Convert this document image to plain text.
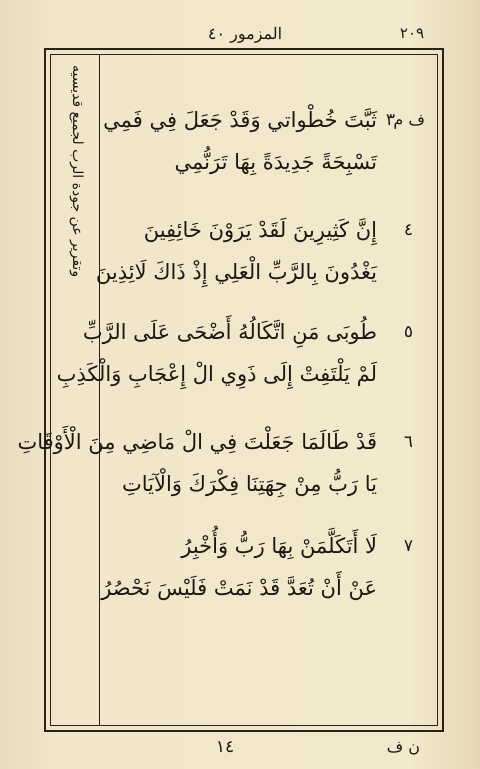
٢٠٩
المزمور ٤٠
وتقرير عن جودة الرب لجميع قديسيه	ف م
٣
ثَبَّتَ خُطْواتي وَقَدْ جَعَلَ فِي فَمِي
تَسْبِحَةً جَدِيدَةً بِهَا تَرَنُّمِي
٤
إِنَّ كَثِيرِينَ لَقَدْ يَرَوْنَ خَائِفِينَ
يَغْدُونَ بِالرَّبِّ الْعَلِي إِذْ ذَاكَ لَائِذِينَ
٥
طُوبَى مَنِ اتَّكَالُهُ أَضْحَى عَلَى الرَّبِّ
لَمْ يَلْتَفِتْ إِلَى ذَوِي الْ إِعْجَابِ وَالْكَذِبِ
٦
قَدْ طَالَمَا جَعَلْتَ فِي الْ مَاضِي مِنَ الْأَوْقَاتِ
يَا رَبُّ مِنْ جِهَتِنَا فِكْرَكَ وَالْآيَاتِ
٧
لَا أَتَكَلَّمَنْ بِهَا رَبُّ وَأُخْبِرُ
عَنْ أَنْ تُعَدَّ قَدْ نَمَتْ فَلَيْسَ نَحْصُرُ
١٤	ن ف
